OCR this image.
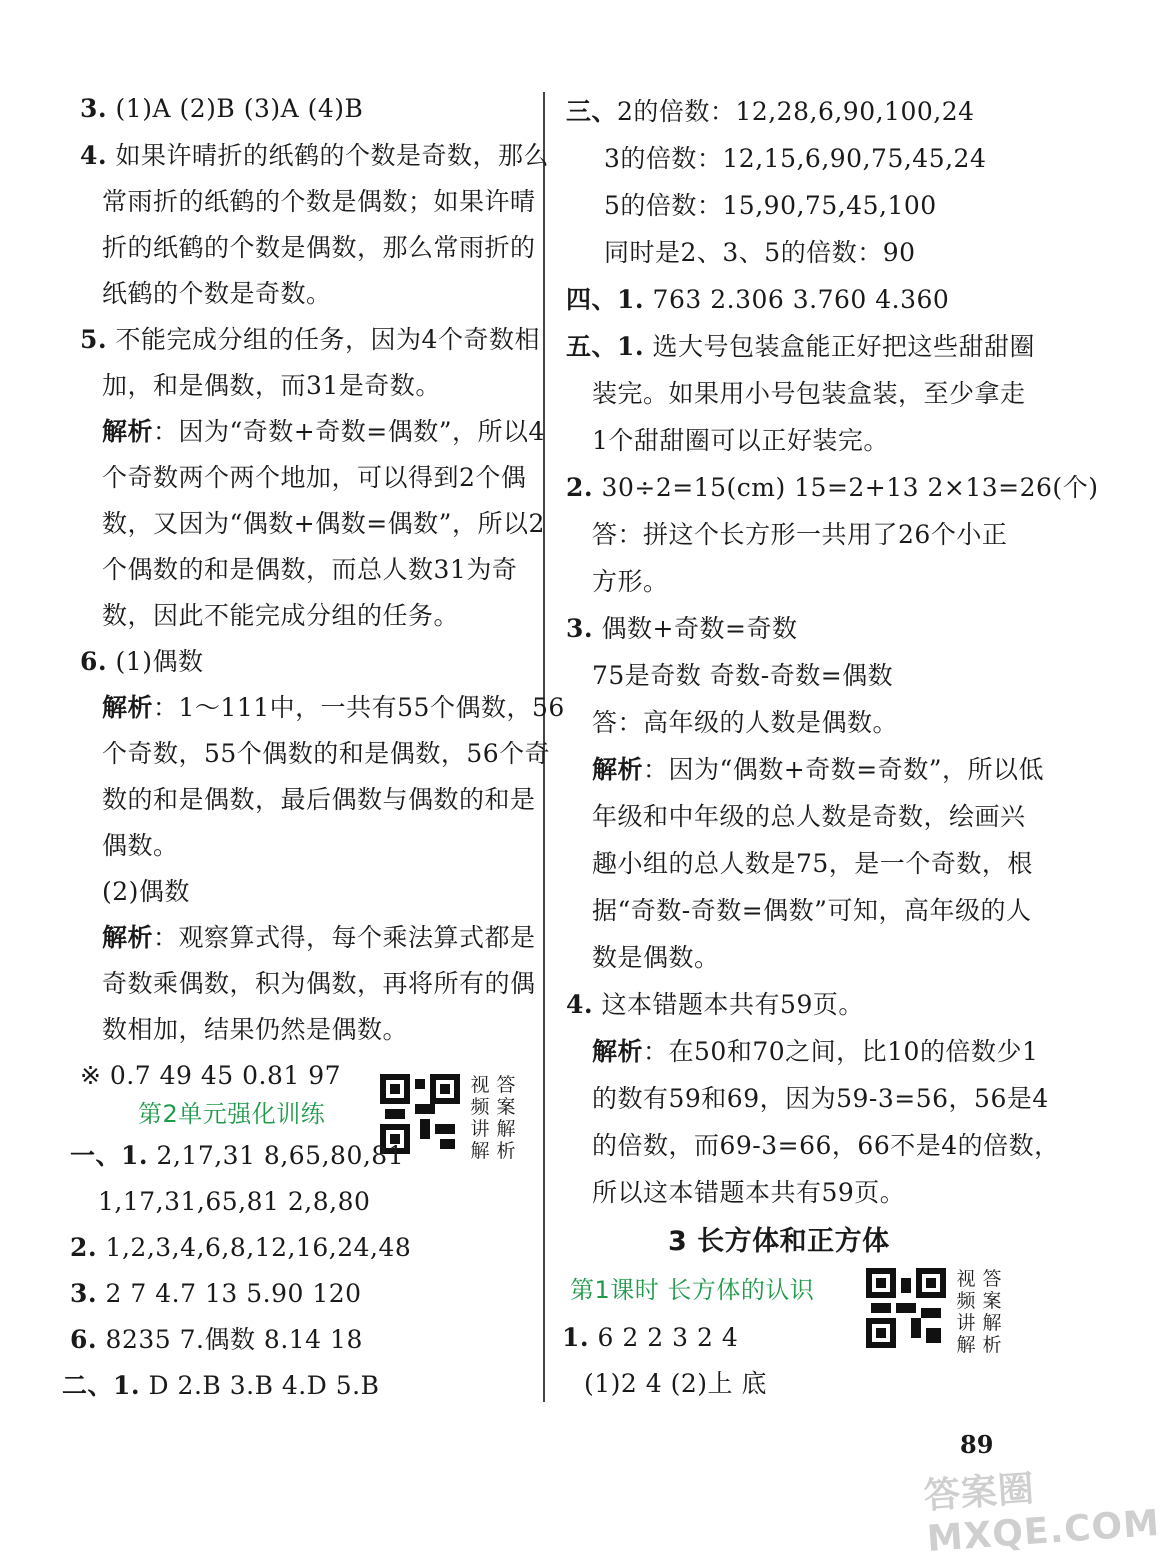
3. (1)A (2)B (3)A (4)B
4. 如果许晴折的纸鹤的个数是奇数，那么
常雨折的纸鹤的个数是偶数；如果许晴
折的纸鹤的个数是偶数，那么常雨折的
纸鹤的个数是奇数。
5. 不能完成分组的任务，因为4个奇数相
加，和是偶数，而31是奇数。
解析：因为“奇数+奇数=偶数”，所以4
个奇数两个两个地加，可以得到2个偶
数，又因为“偶数+偶数=偶数”，所以2
个偶数的和是偶数，而总人数31为奇
数，因此不能完成分组的任务。
6. (1)偶数
解析：1～111中，一共有55个偶数，56
个奇数，55个偶数的和是偶数，56个奇
数的和是偶数，最后偶数与偶数的和是
偶数。
(2)偶数
解析：观察算式得，每个乘法算式都是
奇数乘偶数，积为偶数，再将所有的偶
数相加，结果仍然是偶数。
※ 0.7 49 45 0.81 97
第2单元强化训练
视频讲解
答案解析
一、1. 2,17,31 8,65,80,81
1,17,31,65,81 2,8,80
2. 1,2,3,4,6,8,12,16,24,48
3. 2 7 4.7 13 5.90 120
6. 8235 7.偶数 8.14 18
二、1. D 2.B 3.B 4.D 5.B
三、2的倍数：12,28,6,90,100,24
3的倍数：12,15,6,90,75,45,24
5的倍数：15,90,75,45,100
同时是2、3、5的倍数：90
四、1. 763 2.306 3.760 4.360
五、1. 选大号包装盒能正好把这些甜甜圈
装完。如果用小号包装盒装，至少拿走
1个甜甜圈可以正好装完。
2. 30÷2=15(cm) 15=2+13 2×13=26(个)
答：拼这个长方形一共用了26个小正
方形。
3. 偶数+奇数=奇数
75是奇数 奇数-奇数=偶数
答：高年级的人数是偶数。
解析：因为“偶数+奇数=奇数”，所以低
年级和中年级的总人数是奇数，绘画兴
趣小组的总人数是75，是一个奇数，根
据“奇数-奇数=偶数”可知，高年级的人
数是偶数。
4. 这本错题本共有59页。
解析：在50和70之间，比10的倍数少1
的数有59和69，因为59-3=56，56是4
的倍数，而69-3=66，66不是4的倍数，
所以这本错题本共有59页。
3 长方体和正方体
第1课时 长方体的认识	视频讲解
答案解析
1. 6 2 2 3 2 4
(1)2 4 (2)上 底
89
答案圈 MXQE.COM
